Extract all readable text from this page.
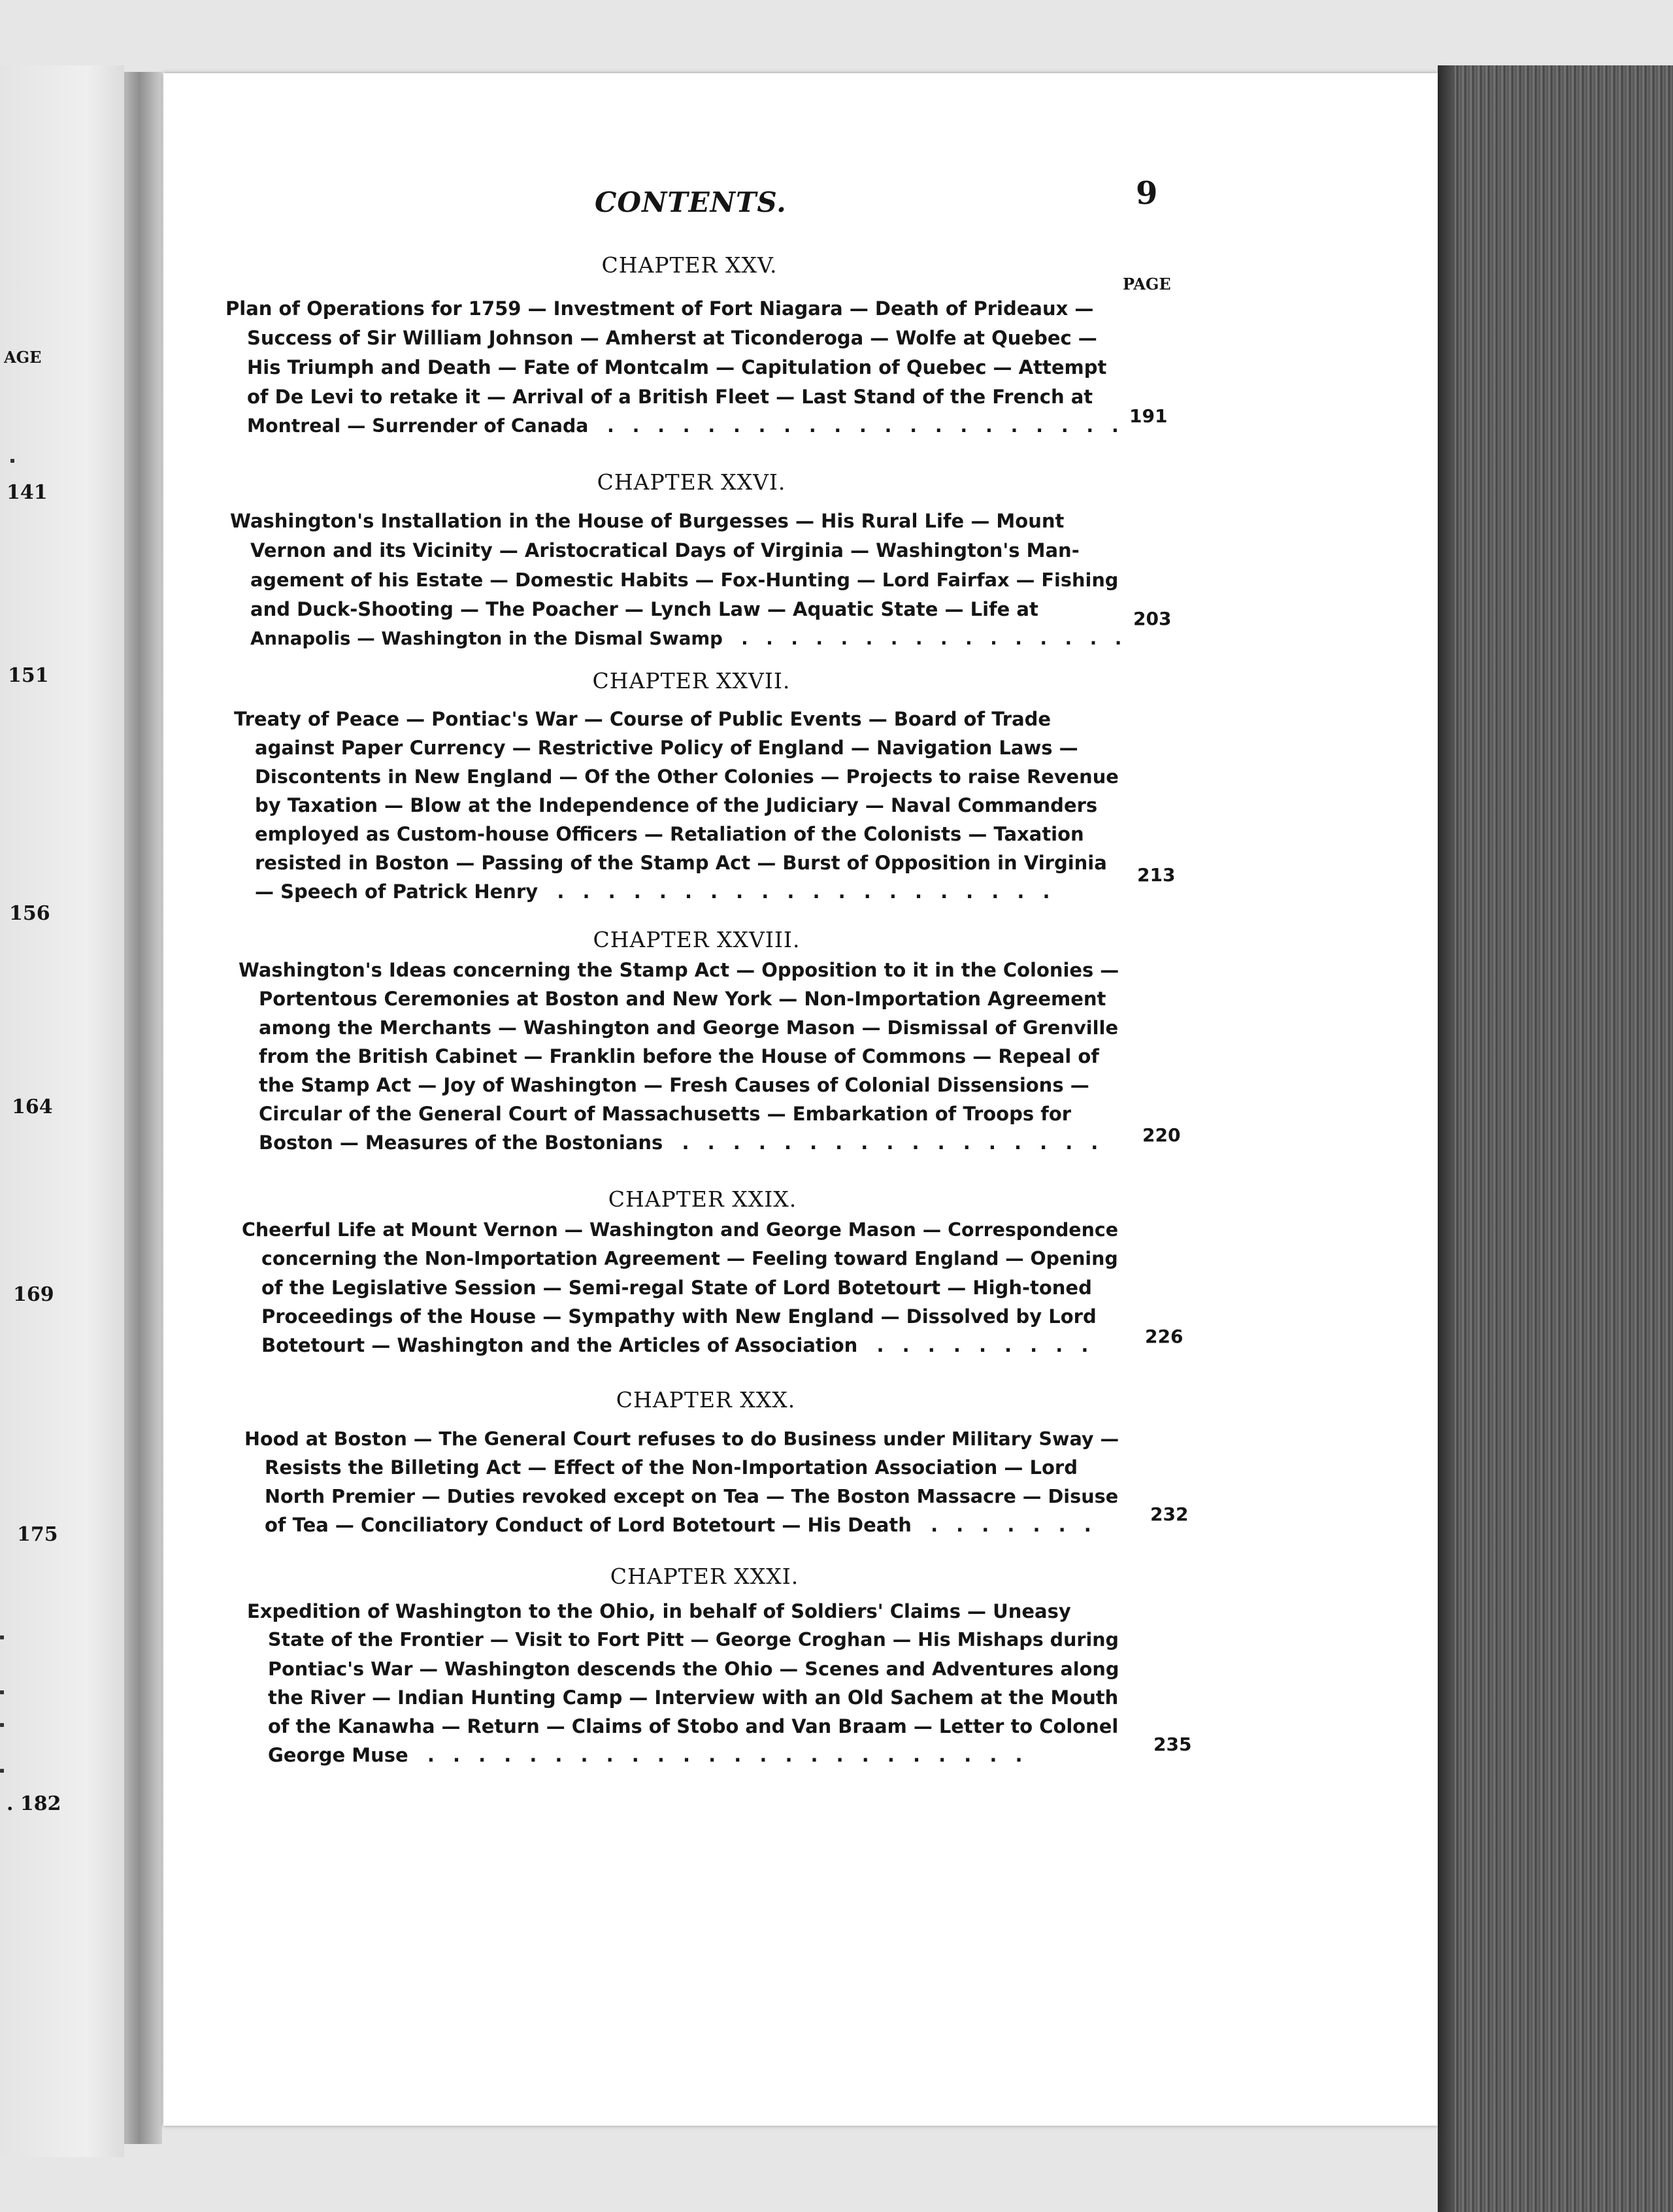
AGE
141
151
156
164
169
175
. 182
CONTENTS.	9
PAGE
CHAPTER XXV.
Plan of Operations for 1759 — Investment of Fort Niagara — Death of Prideaux —
Success of Sir William Johnson — Amherst at Ticonderoga — Wolfe at Quebec —
His Triumph and Death — Fate of Montcalm — Capitulation of Quebec — Attempt
of De Levi to retake it — Arrival of a British Fleet — Last Stand of the French at
Montreal — Surrender of Canada  . . . . . . . . . . . . . . . . . . . . . 191
CHAPTER XXVI.
Washington's Installation in the House of Burgesses — His Rural Life — Mount
Vernon and its Vicinity — Aristocratical Days of Virginia — Washington's Man-
agement of his Estate — Domestic Habits — Fox-Hunting — Lord Fairfax — Fishing
and Duck-Shooting — The Poacher — Lynch Law — Aquatic State — Life at
Annapolis — Washington in the Dismal Swamp  . . . . . . . . . . . . . . . .
203
CHAPTER XXVII.
Treaty of Peace — Pontiac's War — Course of Public Events — Board of Trade
against Paper Currency — Restrictive Policy of England — Navigation Laws —
Discontents in New England — Of the Other Colonies — Projects to raise Revenue
by Taxation — Blow at the Independence of the Judiciary — Naval Commanders
employed as Custom-house Officers — Retaliation of the Colonists — Taxation
resisted in Boston — Passing of the Stamp Act — Burst of Opposition in Virginia
— Speech of Patrick Henry  . . . . . . . . . . . . . . . . . . . .
213
CHAPTER XXVIII.
Washington's Ideas concerning the Stamp Act — Opposition to it in the Colonies —
Portentous Ceremonies at Boston and New York — Non-Importation Agreement
among the Merchants — Washington and George Mason — Dismissal of Grenville
from the British Cabinet — Franklin before the House of Commons — Repeal of
the Stamp Act — Joy of Washington — Fresh Causes of Colonial Dissensions —
Circular of the General Court of Massachusetts — Embarkation of Troops for
Boston — Measures of the Bostonians  . . . . . . . . . . . . . . . . . 220
CHAPTER XXIX.
Cheerful Life at Mount Vernon — Washington and George Mason — Correspondence
concerning the Non-Importation Agreement — Feeling toward England — Opening
of the Legislative Session — Semi-regal State of Lord Botetourt — High-toned
Proceedings of the House — Sympathy with New England — Dissolved by Lord
Botetourt — Washington and the Articles of Association  . . . . . . . . .	226
CHAPTER XXX.
Hood at Boston — The General Court refuses to do Business under Military Sway —
Resists the Billeting Act — Effect of the Non-Importation Association — Lord
North Premier — Duties revoked except on Tea — The Boston Massacre — Disuse
of Tea — Conciliatory Conduct of Lord Botetourt — His Death  . . . . . . .	232
CHAPTER XXXI.
Expedition of Washington to the Ohio, in behalf of Soldiers' Claims — Uneasy
State of the Frontier — Visit to Fort Pitt — George Croghan — His Mishaps during
Pontiac's War — Washington descends the Ohio — Scenes and Adventures along
the River — Indian Hunting Camp — Interview with an Old Sachem at the Mouth
of the Kanawha — Return — Claims of Stobo and Van Braam — Letter to Colonel
George Muse  . . . . . . . . . . . . . . . . . . . . . . . .	235
